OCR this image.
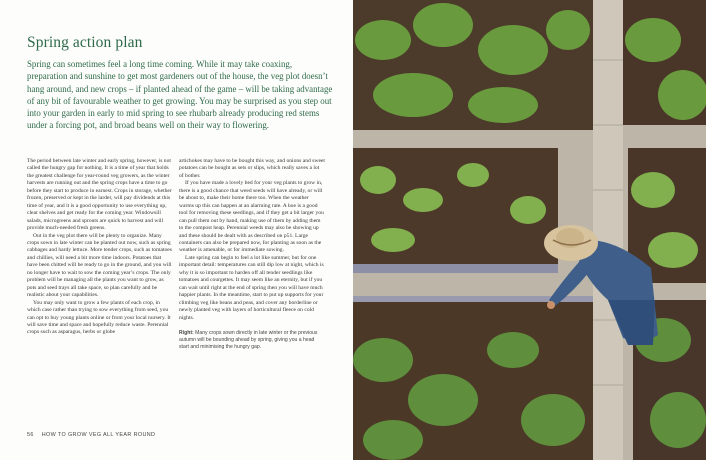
Spring action plan

Spring can sometimes feel a long time coming. While it may take coaxing, preparation and sunshine to get most gardeners out of the house, the veg plot doesn’t hang around, and new crops – if planted ahead of the game – will be taking advantage of any bit of favourable weather to get growing. You may be surprised as you step out into your garden in early to mid spring to see rhubarb already producing red stems under a forcing pot, and broad beans well on their way to flowering.

The period between late winter and early spring, however, is not called the hungry gap for nothing. It is a time of year that holds the greatest challenge for year-round veg growers, as the winter harvests are running out and the spring crops have a time to go before they start to produce in earnest. Crops in storage, whether frozen, preserved or kept in the larder, will pay dividends at this time of year, and it is a good opportunity to use everything up, clear shelves and get ready for the coming year. Windowsill salads, microgreens and sprouts are quick to harvest and will provide much-needed fresh greens.

Out in the veg plot there will be plenty to organize. Many crops sown in late winter can be planted out now, such as spring cabbages and hardy lettuce. More tender crops, such as tomatoes and chillies, will need a bit more time indoors. Potatoes that have been chitted will be ready to go in the ground, and you will no longer have to wait to sow the coming year’s crops. The only problem will be managing all the plants you want to grow, as pots and seed trays all take space, so plan carefully and be realistic about your capabilities.

You may only want to grow a few plants of each crop, in which case rather than trying to sow everything from seed, you can opt to buy young plants online or from your local nursery. It will save time and space and hopefully reduce waste. Perennial crops such as asparagus, herbs or globe

artichokes may have to be bought this way, and onions and sweet potatoes can be bought as sets or slips, which really saves a lot of bother.

If you have made a lovely bed for your veg plants to grow in, there is a good chance that weed seeds will have already, or will be about to, make their home there too. When the weather warms up this can happen at an alarming rate. A hoe is a good tool for removing these seedlings, and if they get a bit larger you can pull them out by hand, making use of them by adding them to the compost heap. Perennial weeds may also be showing up and these should be dealt with as described on p51. Large containers can also be prepared now, for planting as soon as the weather is amenable, or for immediate sowing.

Late spring can begin to feel a lot like summer, but for one important detail: temperatures can still dip low at night, which is why it is so important to harden off all tender seedlings like tomatoes and courgettes. It may seem like an eternity, but if you can wait until right at the end of spring then you will have much happier plants. In the meantime, start to put up supports for your climbing veg like beans and peas, and cover any borderline or newly planted veg with layers of horticultural fleece on cold nights.

Right: Many crops sown directly in late winter or the previous autumn will be bounding ahead by spring, giving you a head start and minimising the hungry gap.
56 HOW TO GROW VEG ALL YEAR ROUND
